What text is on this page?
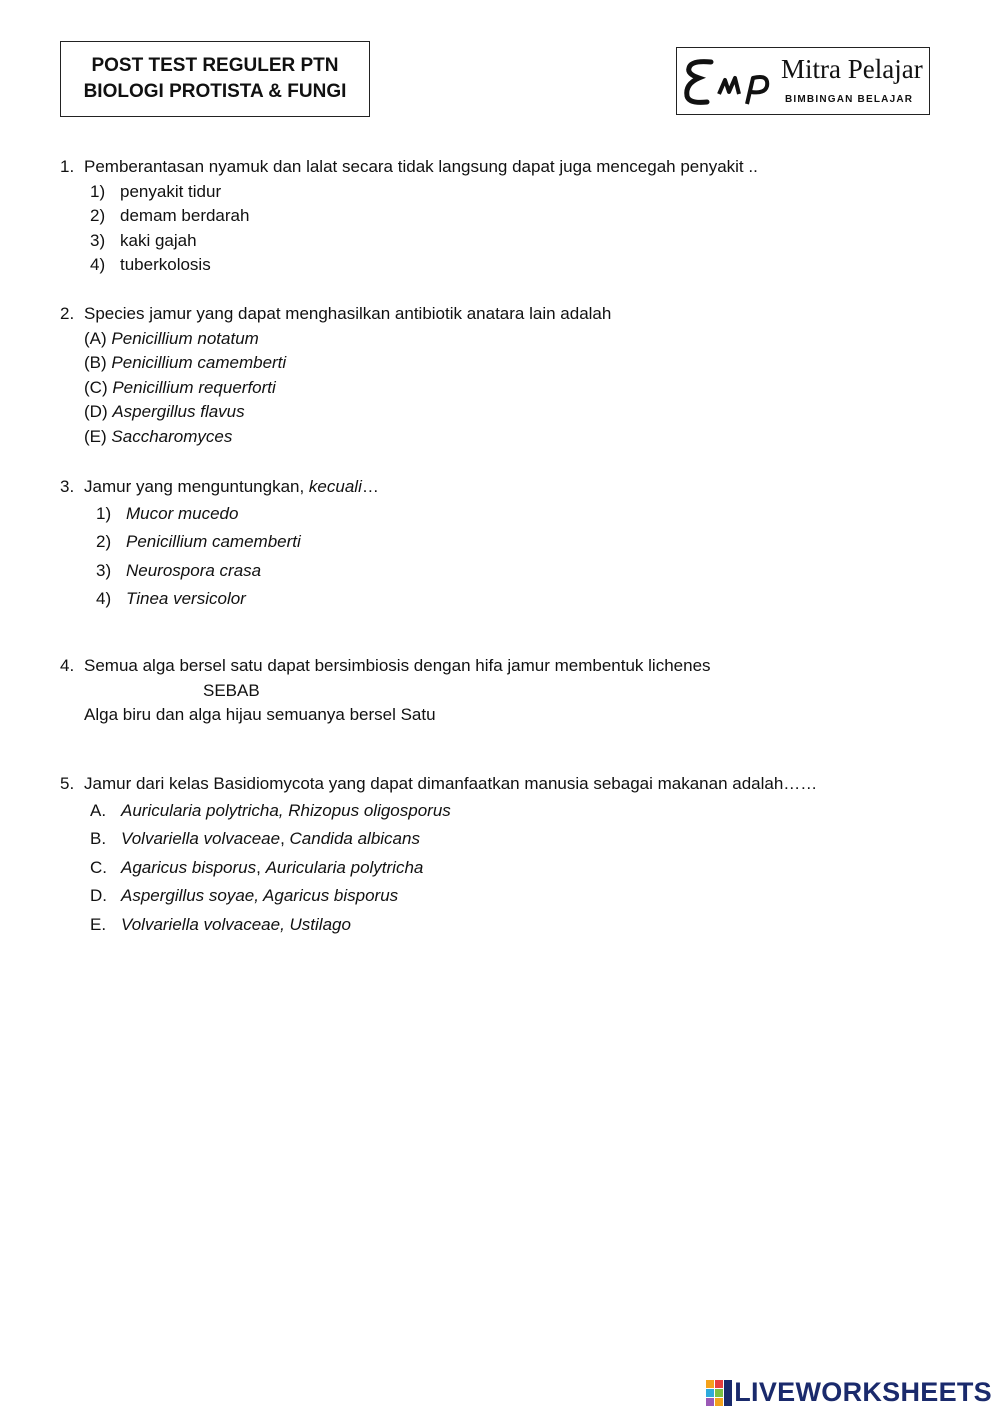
POST TEST REGULER PTN
BIOLOGI PROTISTA & FUNGI
Mitra Pelajar
BIMBINGAN BELAJAR
1. Pemberantasan nyamuk dan lalat secara tidak langsung dapat juga mencegah penyakit ..
1) penyakit tidur
2) demam berdarah
3) kaki gajah
4) tuberkolosis
2. Species jamur yang dapat menghasilkan antibiotik anatara lain adalah
(A) Penicillium notatum
(B) Penicillium camemberti
(C) Penicillium requerforti
(D) Aspergillus flavus
(E) Saccharomyces
3. Jamur yang menguntungkan, kecuali…
1) Mucor mucedo
2) Penicillium camemberti
3) Neurospora crasa
4) Tinea versicolor
4. Semua alga bersel satu dapat bersimbiosis dengan hifa jamur membentuk lichenes
SEBAB
Alga biru dan alga hijau semuanya bersel Satu
5. Jamur dari kelas Basidiomycota yang dapat dimanfaatkan manusia sebagai makanan adalah……
A. Auricularia polytricha, Rhizopus oligosporus
B. Volvariella volvaceae, Candida albicans
C. Agaricus bisporus, Auricularia polytricha
D. Aspergillus soyae, Agaricus bisporus
E. Volvariella volvaceae, Ustilago
LIVEWORKSHEETS
